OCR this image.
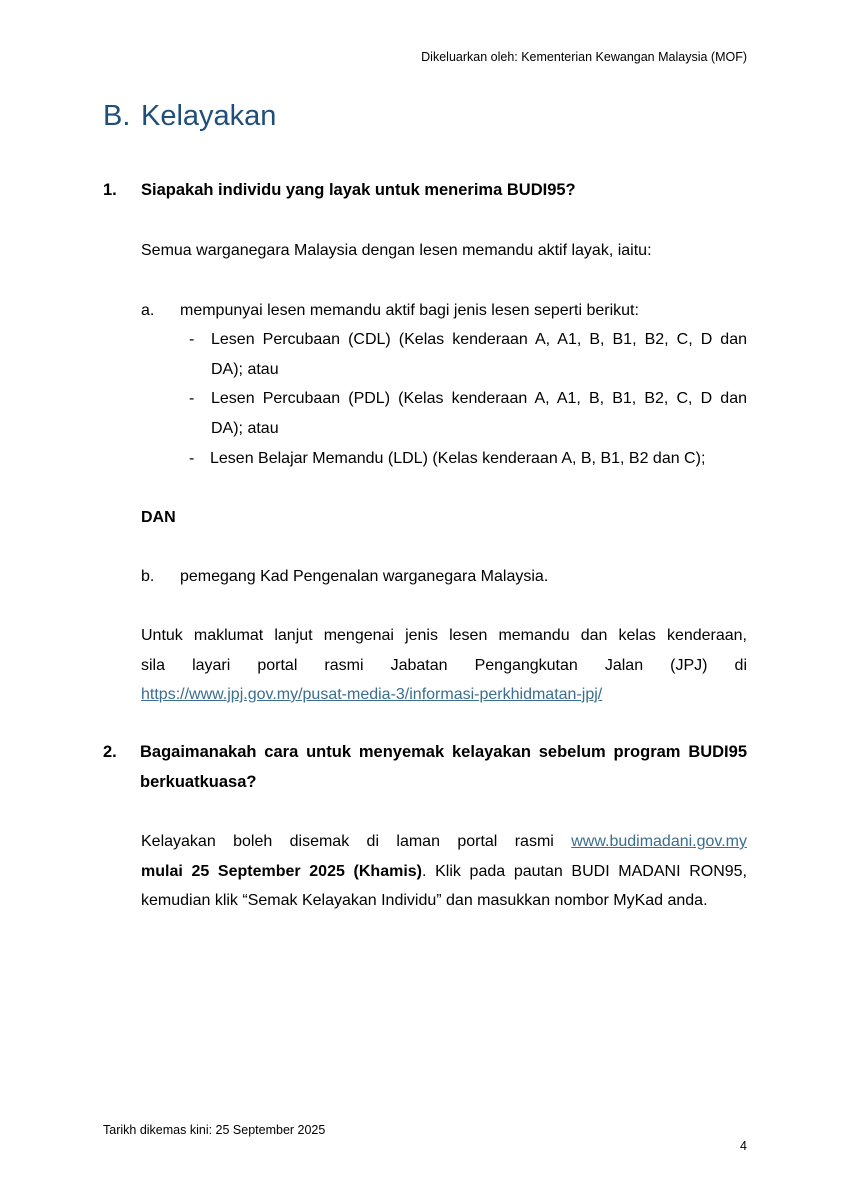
Dikeluarkan oleh: Kementerian Kewangan Malaysia (MOF)
B. Kelayakan
1. Siapakah individu yang layak untuk menerima BUDI95?
Semua warganegara Malaysia dengan lesen memandu aktif layak, iaitu:
a. mempunyai lesen memandu aktif bagi jenis lesen seperti berikut:
- Lesen Percubaan (CDL) (Kelas kenderaan A, A1, B, B1, B2, C, D dan
DA); atau
- Lesen Percubaan (PDL) (Kelas kenderaan A, A1, B, B1, B2, C, D dan
DA); atau
- Lesen Belajar Memandu (LDL) (Kelas kenderaan A, B, B1, B2 dan C);
DAN
b. pemegang Kad Pengenalan warganegara Malaysia.
Untuk maklumat lanjut mengenai jenis lesen memandu dan kelas kenderaan,
sila layari portal rasmi Jabatan Pengangkutan Jalan (JPJ) di
https://www.jpj.gov.my/pusat-media-3/informasi-perkhidmatan-jpj/
2. Bagaimanakah cara untuk menyemak kelayakan sebelum program BUDI95
berkuatkuasa?
Kelayakan boleh disemak di laman portal rasmi www.budimadani.gov.my
mulai 25 September 2025 (Khamis). Klik pada pautan BUDI MADANI RON95,
kemudian klik “Semak Kelayakan Individu” dan masukkan nombor MyKad anda.
Tarikh dikemas kini: 25 September 2025
4
